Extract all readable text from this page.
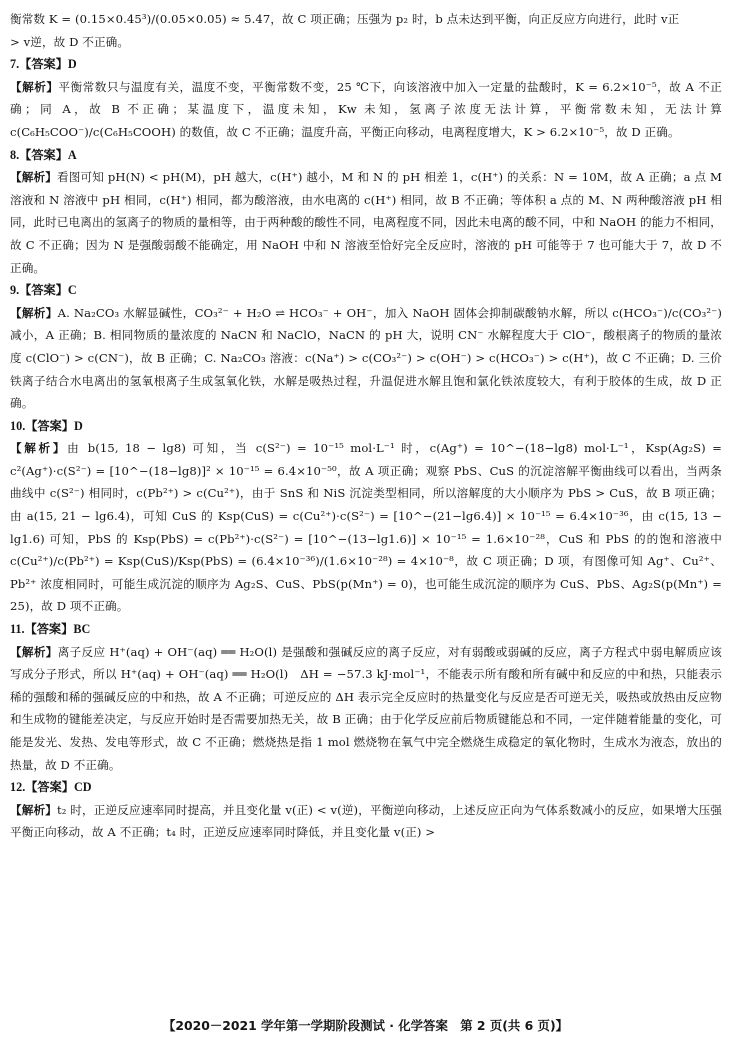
衡常数 K = (0.15×0.45³)/(0.05×0.05) ≈ 5.47，故 C 项正确；压强为 p₂ 时，b 点未达到平衡，向正反应方向进行，此时 v正

> v逆，故 D 不正确。

7.【答案】D

【解析】平衡常数只与温度有关，温度不变，平衡常数不变，25 ℃下，向该溶液中加入一定量的盐酸时，K = 6.2×10⁻⁵，故 A 不正确；同 A，故 B 不正确；某温度下，温度未知，Kw 未知，氢离子浓度无法计算，平衡常数未知，无法计算 c(C₆H₅COO⁻)/c(C₆H₅COOH) 的数值，故 C 不正确；温度升高，平衡正向移动，电离程度增大，K > 6.2×10⁻⁵，故 D 正确。

8.【答案】A

【解析】看图可知 pH(N) < pH(M)，pH 越大，c(H⁺) 越小，M 和 N 的 pH 相差 1，c(H⁺) 的关系：N = 10M，故 A 正确；a 点 M 溶液和 N 溶液中 pH 相同，c(H⁺) 相同，都为酸溶液，由水电离的 c(H⁺) 相同，故 B 不正确；等体积 a 点的 M、N 两种酸溶液 pH 相同，此时已电离出的氢离子的物质的量相等，由于两种酸的酸性不同，电离程度不同，因此未电离的酸不同，中和 NaOH 的能力不相同，故 C 不正确；因为 N 是强酸弱酸不能确定，用 NaOH 中和 N 溶液至恰好完全反应时，溶液的 pH 可能等于 7 也可能大于 7，故 D 不正确。

9.【答案】C

【解析】A. Na₂CO₃ 水解显碱性，CO₃²⁻ + H₂O ⇌ HCO₃⁻ + OH⁻，加入 NaOH 固体会抑制碳酸钠水解，所以 c(HCO₃⁻)/c(CO₃²⁻) 减小，A 正确；B. 相同物质的量浓度的 NaCN 和 NaClO，NaCN 的 pH 大，说明 CN⁻ 水解程度大于 ClO⁻，酸根离子的物质的量浓度 c(ClO⁻) > c(CN⁻)，故 B 正确；C. Na₂CO₃ 溶液：c(Na⁺) > c(CO₃²⁻) > c(OH⁻) > c(HCO₃⁻) > c(H⁺)，故 C 不正确；D. 三价铁离子结合水电离出的氢氧根离子生成氢氧化铁，水解是吸热过程，升温促进水解且饱和氯化铁浓度较大，有利于胶体的生成，故 D 正确。

10.【答案】D

【解析】由 b(15, 18 − lg8) 可知，当 c(S²⁻) = 10⁻¹⁵ mol·L⁻¹ 时，c(Ag⁺) = 10^−(18−lg8) mol·L⁻¹，Ksp(Ag₂S) = c²(Ag⁺)·c(S²⁻) = [10^−(18−lg8)]² × 10⁻¹⁵ = 6.4×10⁻⁵⁰，故 A 项正确；观察 PbS、CuS 的沉淀溶解平衡曲线可以看出，当两条曲线中 c(S²⁻) 相同时，c(Pb²⁺) > c(Cu²⁺)，由于 SnS 和 NiS 沉淀类型相同，所以溶解度的大小顺序为 PbS > CuS，故 B 项正确；由 a(15, 21 − lg6.4)，可知 CuS 的 Ksp(CuS) = c(Cu²⁺)·c(S²⁻) = [10^−(21−lg6.4)] × 10⁻¹⁵ = 6.4×10⁻³⁶，由 c(15, 13 − lg1.6) 可知，PbS 的 Ksp(PbS) = c(Pb²⁺)·c(S²⁻) = [10^−(13−lg1.6)] × 10⁻¹⁵ = 1.6×10⁻²⁸，CuS 和 PbS 的的饱和溶液中 c(Cu²⁺)/c(Pb²⁺) = Ksp(CuS)/Ksp(PbS) = (6.4×10⁻³⁶)/(1.6×10⁻²⁸) = 4×10⁻⁸，故 C 项正确；D 项，有图像可知 Ag⁺、Cu²⁺、Pb²⁺ 浓度相同时，可能生成沉淀的顺序为 Ag₂S、CuS、PbS(p(Mn⁺) = 0)，也可能生成沉淀的顺序为 CuS、PbS、Ag₂S(p(Mn⁺) = 25)，故 D 项不正确。

11.【答案】BC

【解析】离子反应 H⁺(aq) + OH⁻(aq) ══ H₂O(l) 是强酸和强碱反应的离子反应，对有弱酸或弱碱的反应，离子方程式中弱电解质应该写成分子形式，所以 H⁺(aq) + OH⁻(aq) ══ H₂O(l)　ΔH = −57.3 kJ·mol⁻¹，不能表示所有酸和所有碱中和反应的中和热，只能表示稀的强酸和稀的强碱反应的中和热，故 A 不正确；可逆反应的 ΔH 表示完全反应时的热量变化与反应是否可逆无关，吸热或放热由反应物和生成物的键能差决定，与反应开始时是否需要加热无关，故 B 正确；由于化学反应前后物质键能总和不同，一定伴随着能量的变化，可能是发光、发热、发电等形式，故 C 不正确；燃烧热是指 1 mol 燃烧物在氧气中完全燃烧生成稳定的氧化物时，生成水为液态，放出的热量，故 D 不正确。

12.【答案】CD

【解析】t₂ 时，正逆反应速率同时提高，并且变化量 v(正) < v(逆)，平衡逆向移动，上述反应正向为气体系数减小的反应，如果增大压强平衡正向移动，故 A 不正确；t₄ 时，正逆反应速率同时降低，并且变化量 v(正) >

【2020－2021 学年第一学期阶段测试 · 化学答案　第 2 页(共 6 页)】
